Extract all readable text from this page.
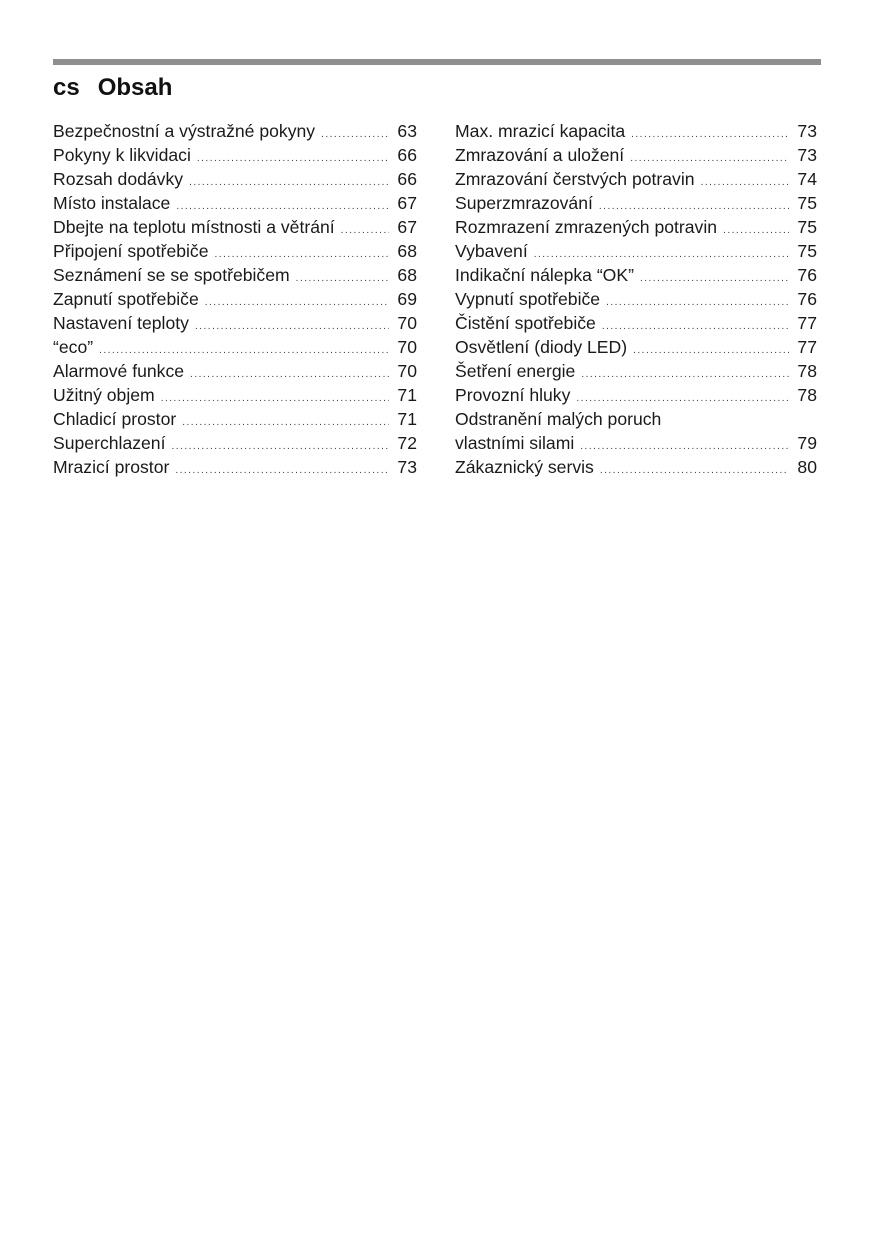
cs Obsah
Bezpečnostní a výstražné pokyny .....	63
Pokyny k likvidaci .....	66
Rozsah dodávky .....	66
Místo instalace .....	67
Dbejte na teplotu místnosti a větrání .....	67
Připojení spotřebiče .....	68
Seznámení se se spotřebičem .....	68
Zapnutí spotřebiče .....	69
Nastavení teploty .....	70
“eco” .....	70
Alarmové funkce .....	70
Užitný objem .....	71
Chladicí prostor .....	71
Superchlazení .....	72
Mrazicí prostor .....	73
Max. mrazicí kapacita .....	73
Zmrazování a uložení .....	73
Zmrazování čerstvých potravin .....	74
Superzmrazování .....	75
Rozmrazení zmrazených potravin .....	75
Vybavení .....	75
Indikační nálepka “OK” .....	76
Vypnutí spotřebiče .....	76
Čistění spotřebiče .....	77
Osvětlení (diody LED) .....	77
Šetření energie .....	78
Provozní hluky .....	78
Odstranění malých poruch
vlastními silami .....	79
Zákaznický servis .....	80
